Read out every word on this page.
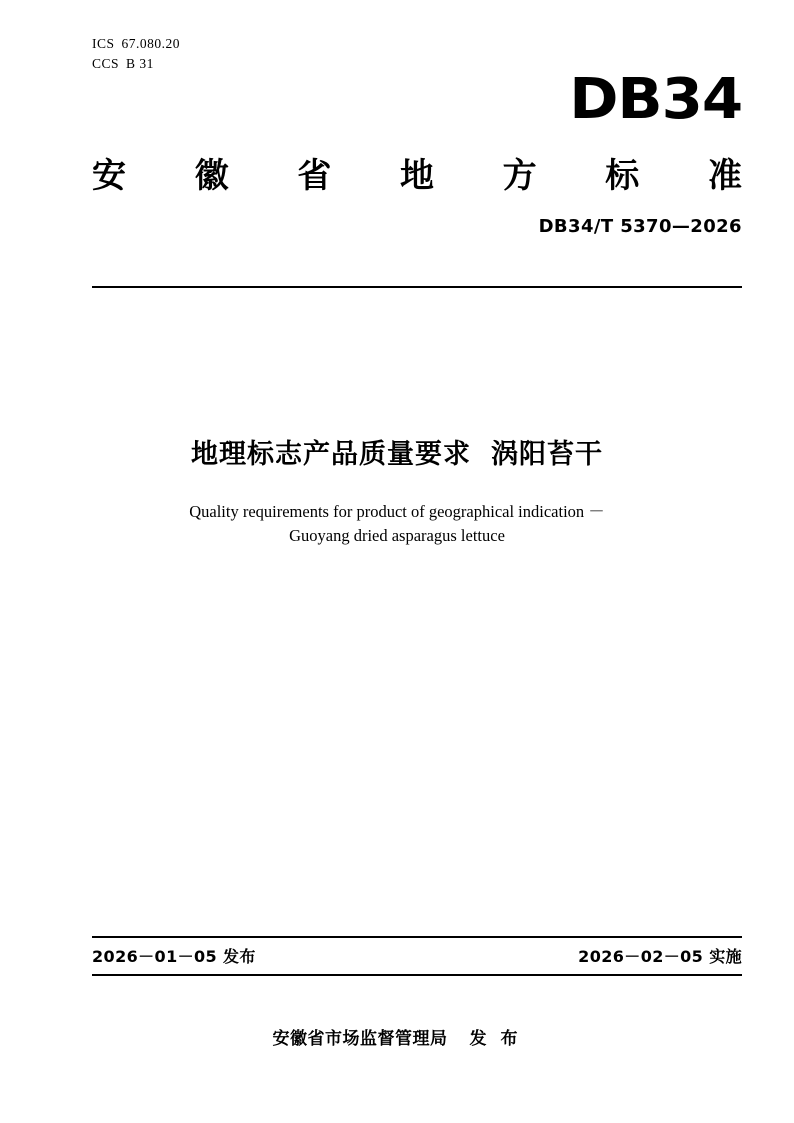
ICS 67.080.20
CCS B 31
DB34
安 徽 省 地 方 标 准
DB34/T 5370—2026
地理标志产品质量要求 涡阳苔干
Quality requirements for product of geographical indication －
Guoyang dried asparagus lettuce
2026－01－05 发布	2026－02－05 实施
安徽省市场监督管理局 发 布
